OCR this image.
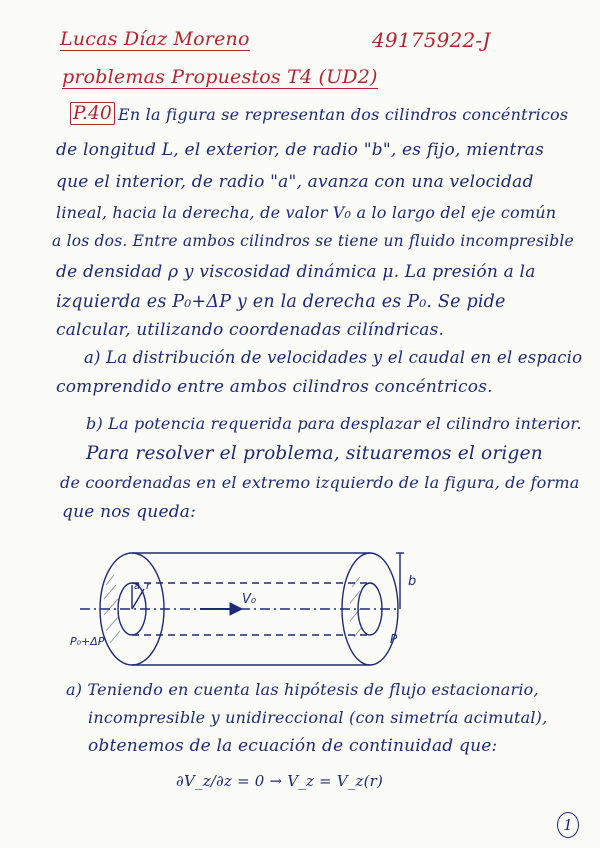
Lucas Díaz Moreno	49175922-J
problemas Propuestos T4 (UD2)
P.40 En la figura se representan dos cilindros concéntricos
de longitud L, el exterior, de radio "b", es fijo, mientras
que el interior, de radio "a", avanza con una velocidad
lineal, hacia la derecha, de valor V₀ a lo largo del eje común
a los dos. Entre ambos cilindros se tiene un fluido incompresible
de densidad ρ y viscosidad dinámica μ. La presión a la
izquierda es P₀+ΔP y en la derecha es P₀. Se pide
calcular, utilizando coordenadas cilíndricas.
a) La distribución de velocidades y el caudal en el espacio
comprendido entre ambos cilindros concéntricos.
b) La potencia requerida para desplazar el cilindro interior.
Para resolver el problema, situaremos el origen
de coordenadas en el extremo izquierdo de la figura, de forma
que nos queda:
V₀
b
a r
P₀+ΔP	P
a) Teniendo en cuenta las hipótesis de flujo estacionario,
incompresible y unidireccional (con simetría acimutal),
obtenemos de la ecuación de continuidad que:
∂V_z/∂z = 0 → V_z = V_z(r)
1
